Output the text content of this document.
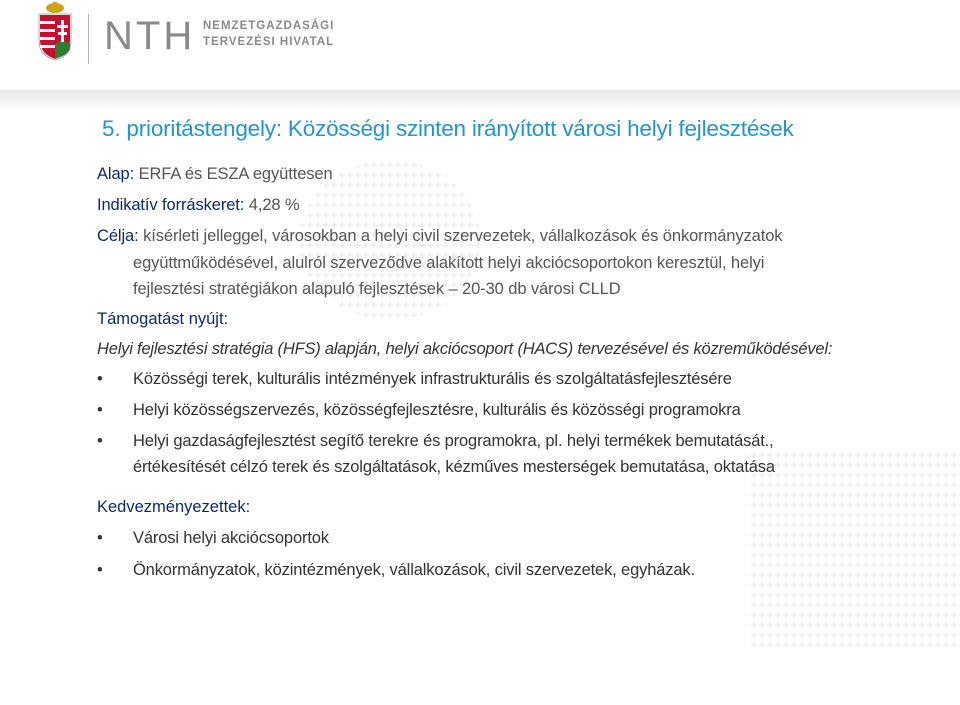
NTH NEMZETGAZDASÁGI
TERVEZÉSI HIVATAL
5. prioritástengely: Közösségi szinten irányított városi helyi fejlesztések
Alap: ERFA és ESZA együttesen
Indikatív forráskeret: 4,28 %
Célja: kísérleti jelleggel, városokban a helyi civil szervezetek, vállalkozások és önkormányzatok
együttműködésével, alulról szerveződve alakított helyi akciócsoportokon keresztül, helyi
fejlesztési stratégiákon alapuló fejlesztések – 20-30 db városi CLLD
Támogatást nyújt:
Helyi fejlesztési stratégia (HFS) alapján, helyi akciócsoport (HACS) tervezésével és közreműködésével:
• Közösségi terek, kulturális intézmények infrastrukturális és szolgáltatásfejlesztésére
• Helyi közösségszervezés, közösségfejlesztésre, kulturális és közösségi programokra
• Helyi gazdaságfejlesztést segítő terekre és programokra, pl. helyi termékek bemutatását.,
értékesítését célzó terek és szolgáltatások, kézműves mesterségek bemutatása, oktatása
Kedvezményezettek:
• Városi helyi akciócsoportok
• Önkormányzatok, közintézmények, vállalkozások, civil szervezetek, egyházak.
